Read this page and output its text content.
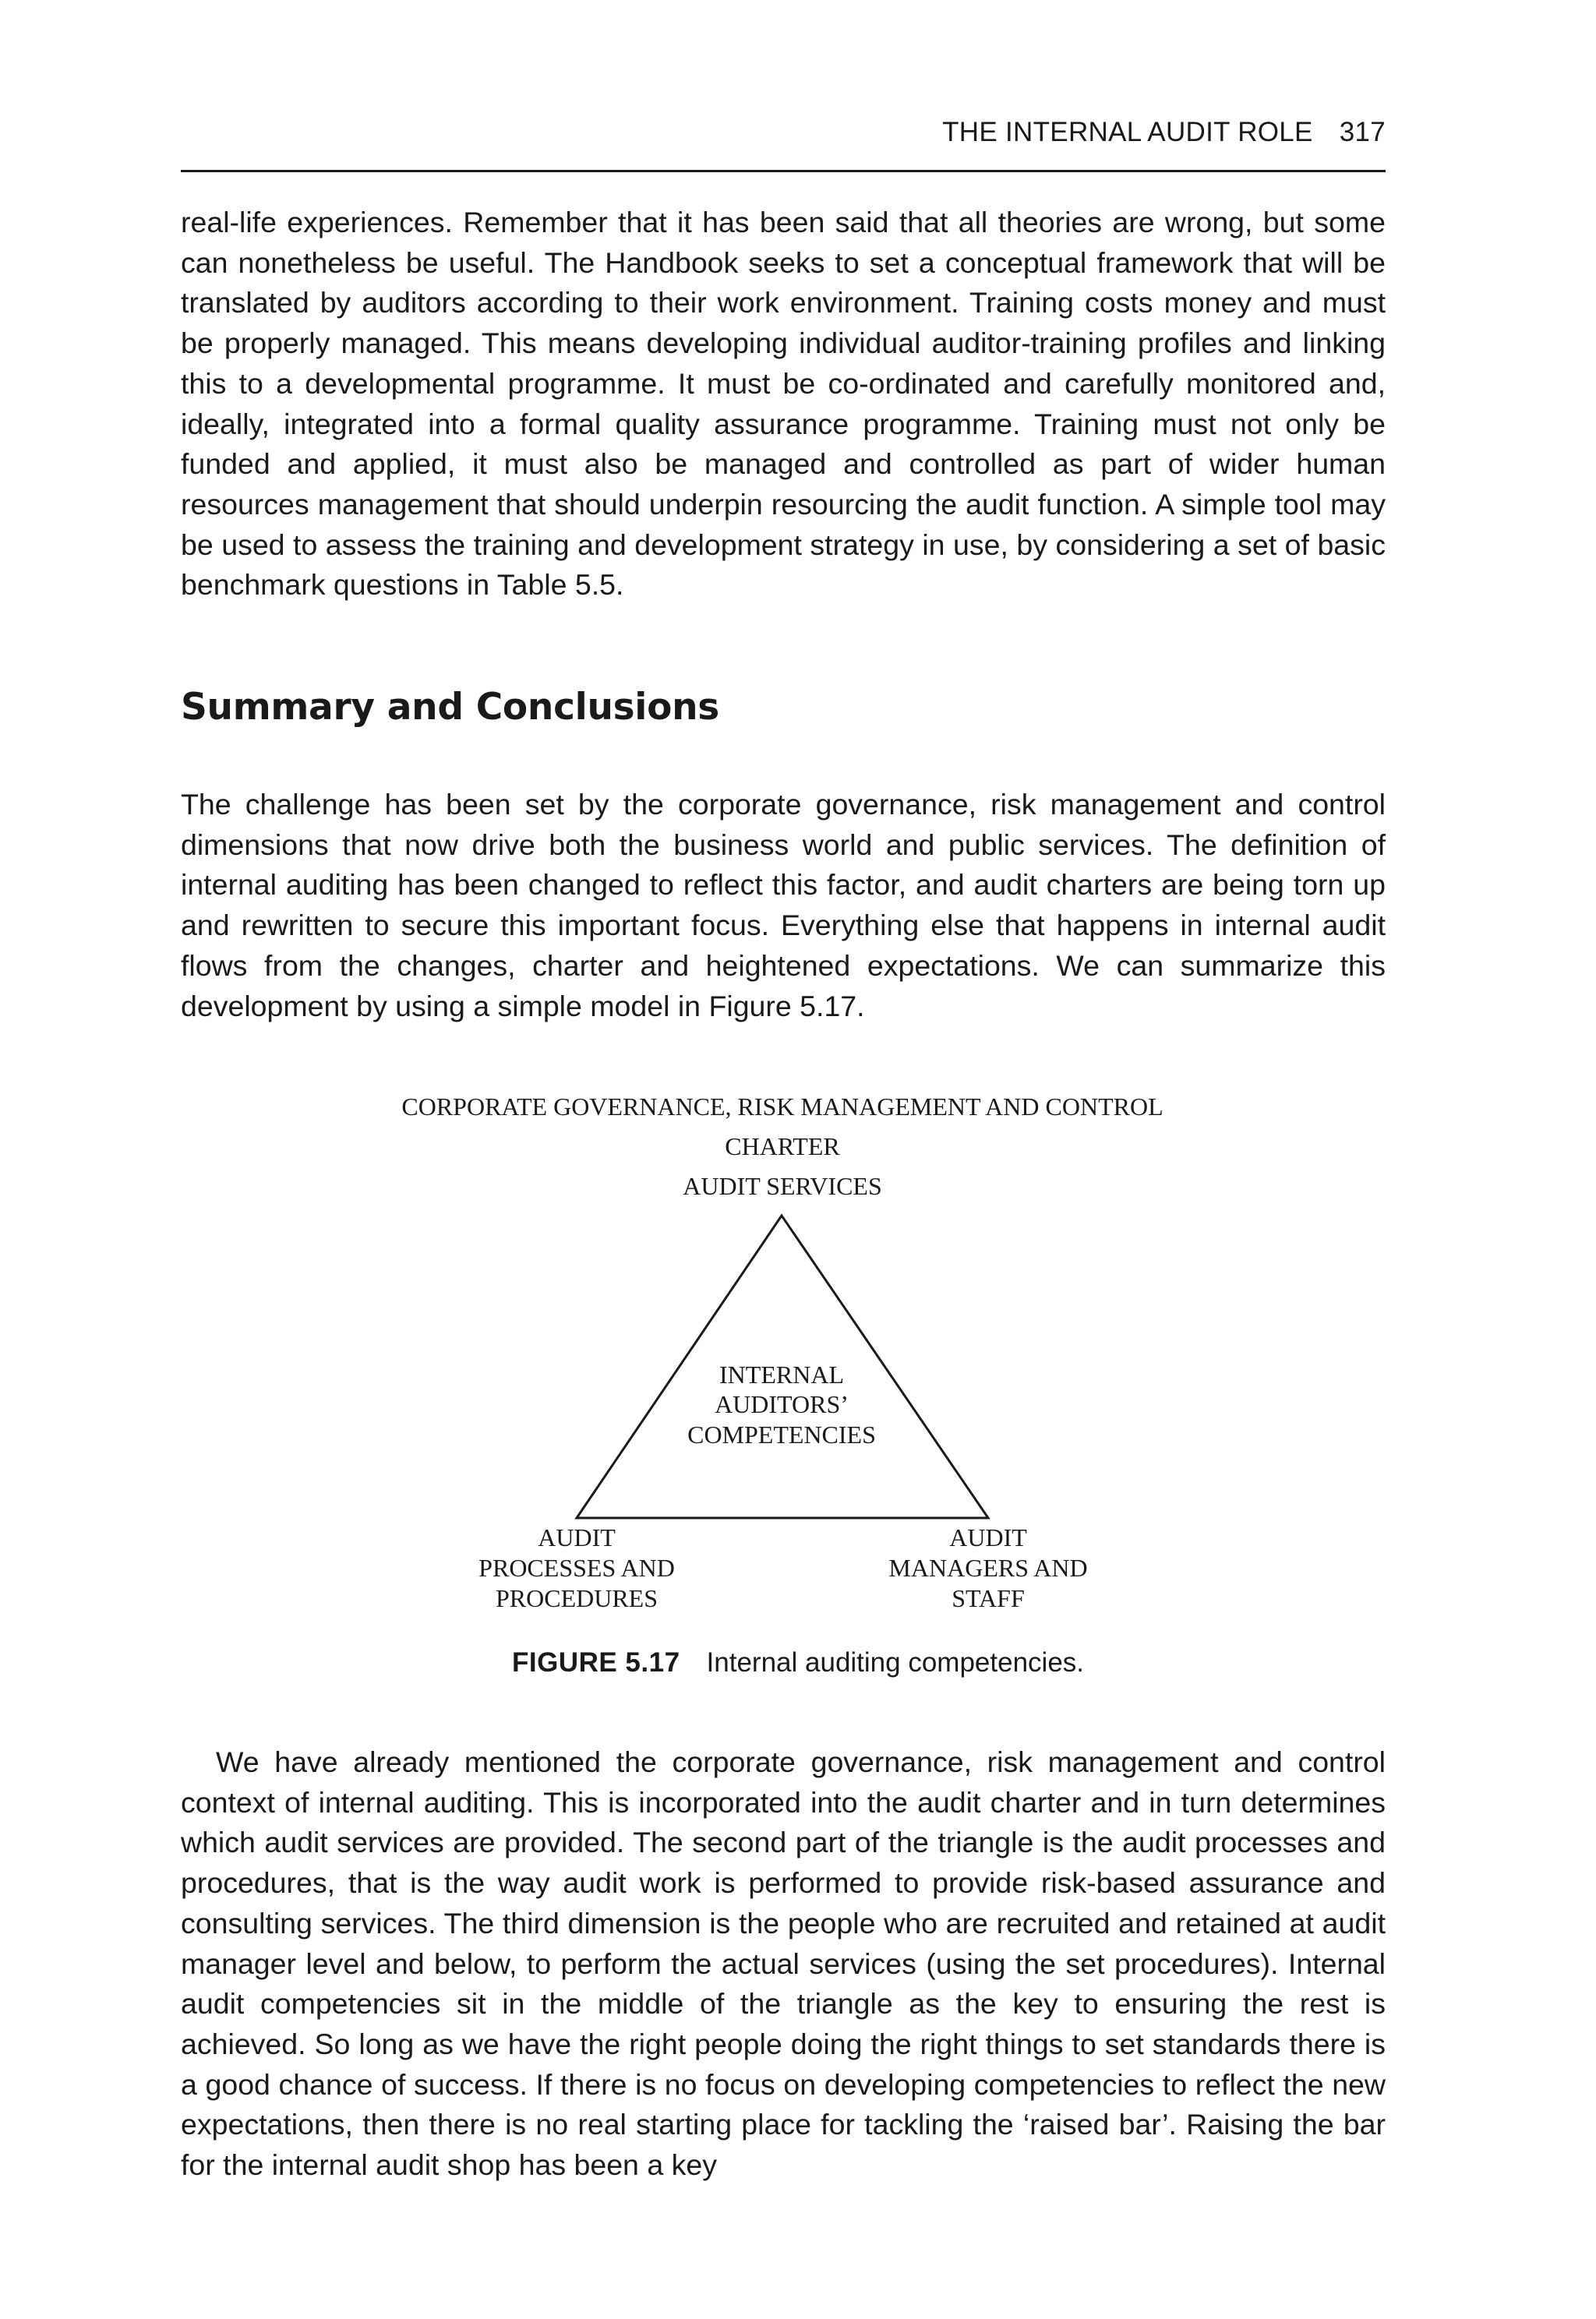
THE INTERNAL AUDIT ROLE 317

real-life experiences. Remember that it has been said that all theories are wrong, but some can nonetheless be useful. The Handbook seeks to set a conceptual framework that will be translated by auditors according to their work environment. Training costs money and must be properly managed. This means developing individual auditor-training profiles and linking this to a developmental programme. It must be co-ordinated and carefully monitored and, ideally, integrated into a formal quality assurance programme. Training must not only be funded and applied, it must also be managed and controlled as part of wider human resources management that should underpin resourcing the audit function. A simple tool may be used to assess the training and development strategy in use, by considering a set of basic benchmark questions in Table 5.5.

Summary and Conclusions

The challenge has been set by the corporate governance, risk management and control dimensions that now drive both the business world and public services. The definition of internal auditing has been changed to reflect this factor, and audit charters are being torn up and rewritten to secure this important focus. Everything else that happens in internal audit flows from the changes, charter and heightened expectations. We can summarize this development by using a simple model in Figure 5.17.

CORPORATE GOVERNANCE, RISK MANAGEMENT AND CONTROL
CHARTER
AUDIT SERVICES
INTERNAL
AUDITORS’
COMPETENCIES
AUDIT
PROCESSES AND
PROCEDURES
AUDIT
MANAGERS AND
STAFF

FIGURE 5.17 Internal auditing competencies.

We have already mentioned the corporate governance, risk management and control context of internal auditing. This is incorporated into the audit charter and in turn determines which audit services are provided. The second part of the triangle is the audit processes and procedures, that is the way audit work is performed to provide risk-based assurance and consulting services. The third dimension is the people who are recruited and retained at audit manager level and below, to perform the actual services (using the set procedures). Internal audit competencies sit in the middle of the triangle as the key to ensuring the rest is achieved. So long as we have the right people doing the right things to set standards there is a good chance of success. If there is no focus on developing competencies to reflect the new expectations, then there is no real starting place for tackling the ‘raised bar’. Raising the bar for the internal audit shop has been a key
